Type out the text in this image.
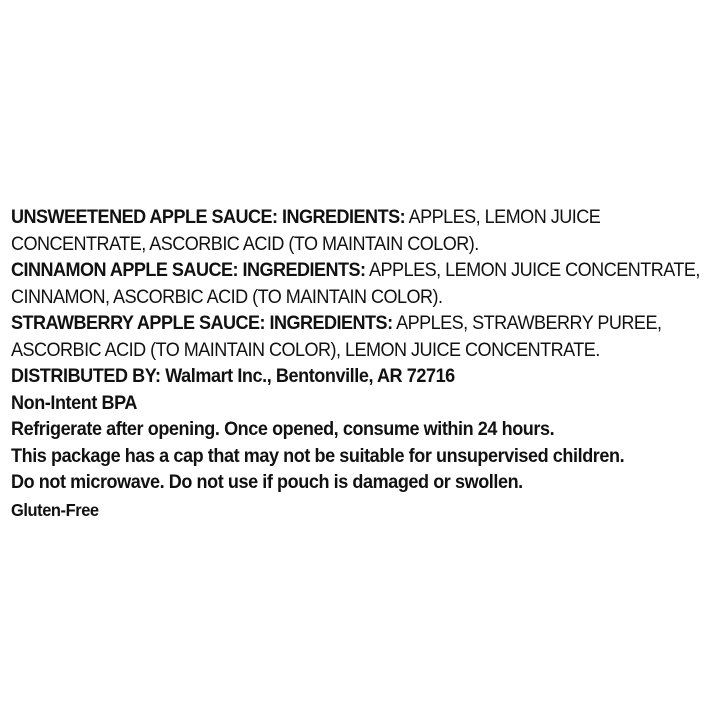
UNSWEETENED APPLE SAUCE: INGREDIENTS: APPLES, LEMON JUICE
CONCENTRATE, ASCORBIC ACID (TO MAINTAIN COLOR).
CINNAMON APPLE SAUCE: INGREDIENTS: APPLES, LEMON JUICE CONCENTRATE,
CINNAMON, ASCORBIC ACID (TO MAINTAIN COLOR).
STRAWBERRY APPLE SAUCE: INGREDIENTS: APPLES, STRAWBERRY PUREE,
ASCORBIC ACID (TO MAINTAIN COLOR), LEMON JUICE CONCENTRATE.
DISTRIBUTED BY: Walmart Inc., Bentonville, AR 72716
Non-Intent BPA
Refrigerate after opening. Once opened, consume within 24 hours.
This package has a cap that may not be suitable for unsupervised children.
Do not microwave. Do not use if pouch is damaged or swollen.
Gluten-Free
